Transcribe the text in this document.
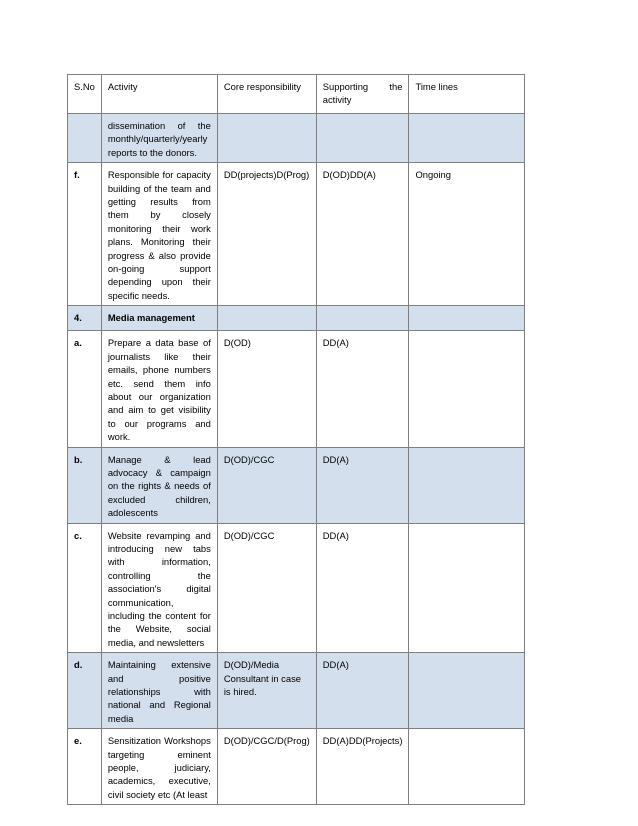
S.No	Activity	Core responsibility	Supporting the activity	Time lines
	dissemination of the monthly/quarterly/yearly reports to the donors.			
f.	Responsible for capacity building of the team and getting results from them by closely monitoring their work plans. Monitoring their progress & also provide on-going support depending upon their specific needs.	DD(projects)D(Prog)	D(OD)DD(A)	Ongoing
4.	Media management			
a.	Prepare a data base of journalists like their emails, phone numbers etc. send them info about our organization and aim to get visibility to our programs and work.	D(OD)	DD(A)	
b.	Manage & lead advocacy & campaign on the rights & needs of excluded children, adolescents	D(OD)/CGC	DD(A)	
c.	Website revamping and introducing new tabs with information, controlling the association's digital communication, including the content for the Website, social media, and newsletters	D(OD)/CGC	DD(A)	
d.	Maintaining extensive and positive relationships with national and Regional media	D(OD)/Media Consultant in case is hired.	DD(A)	
e.	Sensitization Workshops targeting eminent people, judiciary, academics, executive, civil society etc (At least	D(OD)/CGC/D(Prog)	DD(A)DD(Projects)	
